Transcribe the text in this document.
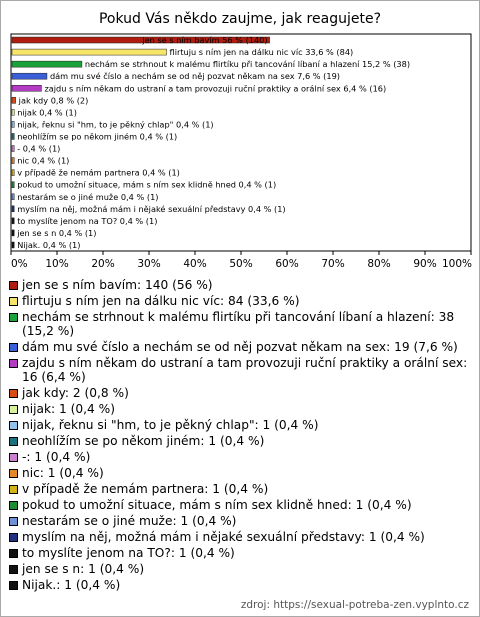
Pokud Vás někdo zaujme, jak reagujete?
jen se s ním bavím 56 % (140)
flirtuju s ním jen na dálku nic víc 33,6 % (84)
nechám se strhnout k malému flirtíku při tancování líbaní a hlazení 15,2 % (38)
dám mu své číslo a nechám se od něj pozvat někam na sex 7,6 % (19)
zajdu s ním někam do ustraní a tam provozuji ruční praktiky a orální sex 6,4 % (16)
jak kdy 0,8 % (2)
nijak 0,4 % (1)
nijak, řeknu si "hm, to je pěkný chlap" 0,4 % (1)
neohlížím se po někom jiném 0,4 % (1)
- 0,4 % (1)
nic 0,4 % (1)
v případě že nemám partnera 0,4 % (1)
pokud to umožní situace, mám s ním sex klidně hned 0,4 % (1)
nestarám se o jiné muže 0,4 % (1)
myslím na něj, možná mám i nějaké sexuální představy 0,4 % (1)
to myslíte jenom na TO? 0,4 % (1)
jen se s n 0,4 % (1)
Nijak. 0,4 % (1)
0% 10% 20% 30% 40% 50% 60% 70% 80% 90% 100%
jen se s ním bavím: 140 (56 %)
flirtuju s ním jen na dálku nic víc: 84 (33,6 %)
nechám se strhnout k malému flirtíku při tancování líbaní a hlazení: 38 (15,2 %)
dám mu své číslo a nechám se od něj pozvat někam na sex: 19 (7,6 %)
zajdu s ním někam do ustraní a tam provozuji ruční praktiky a orální sex: 16 (6,4 %)
jak kdy: 2 (0,8 %)
nijak: 1 (0,4 %)
nijak, řeknu si "hm, to je pěkný chlap": 1 (0,4 %)
neohlížím se po někom jiném: 1 (0,4 %)
-: 1 (0,4 %)
nic: 1 (0,4 %)
v případě že nemám partnera: 1 (0,4 %)
pokud to umožní situace, mám s ním sex klidně hned: 1 (0,4 %)
nestarám se o jiné muže: 1 (0,4 %)
myslím na něj, možná mám i nějaké sexuální představy: 1 (0,4 %)
to myslíte jenom na TO?: 1 (0,4 %)
jen se s n: 1 (0,4 %)
Nijak.: 1 (0,4 %)
zdroj: https://sexual-potreba-zen.vyplnto.cz
